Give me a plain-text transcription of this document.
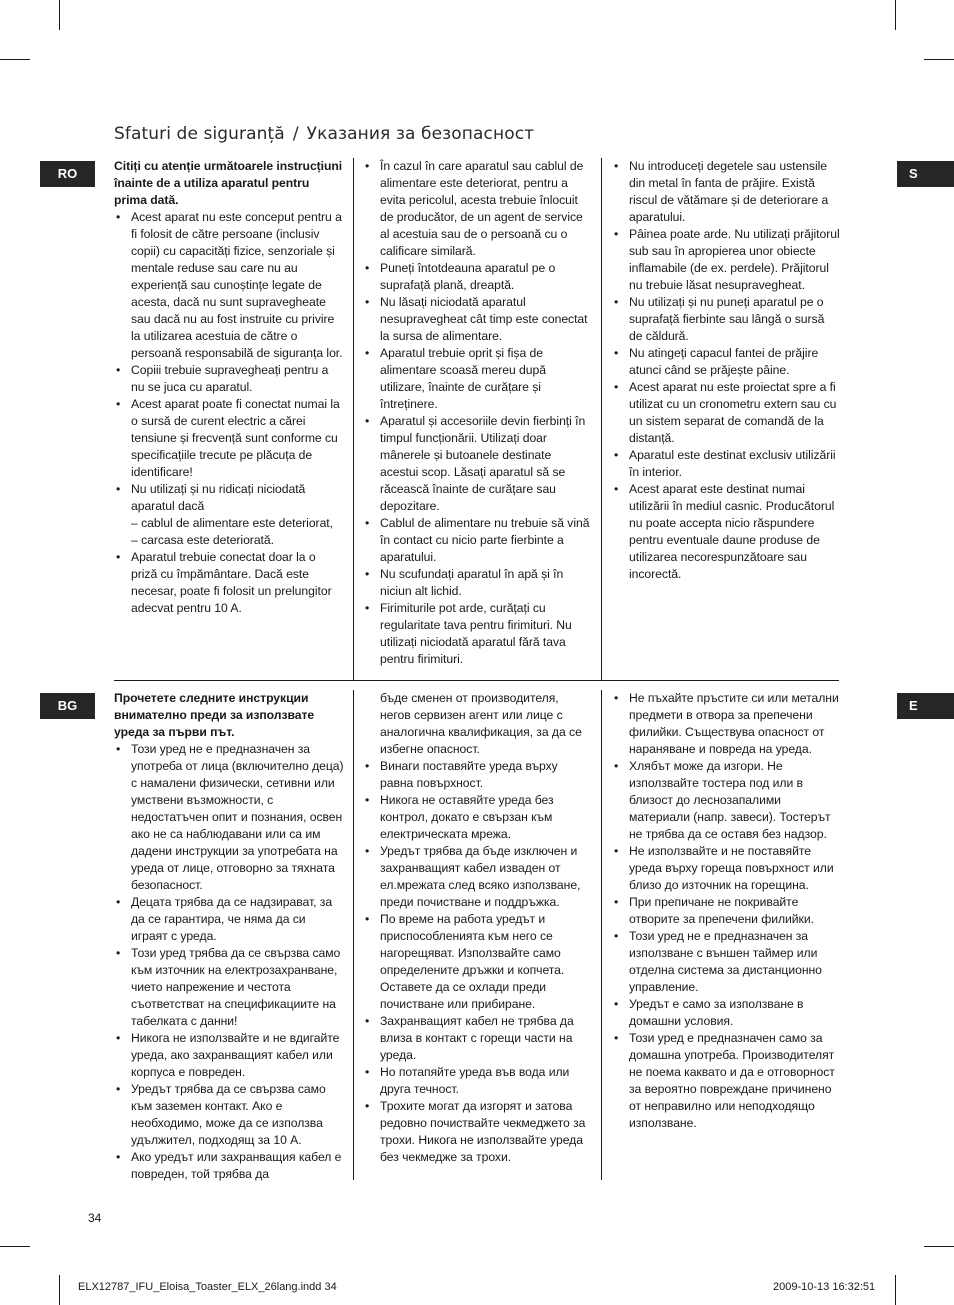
Sfaturi de siguranță / Указания за безопасност
RO	S
BG	E

Citiți cu atenție următoarele instrucțiuni înainte de a utiliza aparatul pentru prima dată.

• Acest aparat nu este conceput pentru a fi folosit de către persoane (inclusiv copii) cu capacități fizice, senzoriale și mentale reduse sau care nu au experiență sau cunoștințe legate de acesta, dacă nu sunt supravegheate sau dacă nu au fost instruite cu privire la utilizarea acestuia de către o persoană responsabilă de siguranța lor.
• Copiii trebuie supravegheați pentru a nu se juca cu aparatul.
• Acest aparat poate fi conectat numai la o sursă de curent electric a cărei tensiune și frecvență sunt conforme cu specificațiile trecute pe plăcuța de identificare!
• Nu utilizați și nu ridicați niciodată aparatul dacă

– cablul de alimentare este deteriorat,

– carcasa este deteriorată.

• Aparatul trebuie conectat doar la o priză cu împământare. Dacă este necesar, poate fi folosit un prelungitor adecvat pentru 10 A.
• În cazul în care aparatul sau cablul de alimentare este deteriorat, pentru a evita pericolul, acesta trebuie înlocuit de producător, de un agent de service al acestuia sau de o persoană cu o calificare similară.
• Puneți întotdeauna aparatul pe o suprafață plană, dreaptă.
• Nu lăsați niciodată aparatul nesupravegheat cât timp este conectat la sursa de alimentare.
• Aparatul trebuie oprit și fișa de alimentare scoasă mereu după utilizare, înainte de curățare și întreținere.
• Aparatul și accesoriile devin fierbinți în timpul funcționării. Utilizați doar mânerele și butoanele destinate acestui scop. Lăsați aparatul să se răcească înainte de curățare sau depozitare.
• Cablul de alimentare nu trebuie să vină în contact cu nicio parte fierbinte a aparatului.
• Nu scufundați aparatul în apă și în niciun alt lichid.
• Firimiturile pot arde, curățați cu regularitate tava pentru firimituri. Nu utilizați niciodată aparatul fără tava pentru firimituri.
• Nu introduceți degetele sau ustensile din metal în fanta de prăjire. Există riscul de vătămare și de deteriorare a aparatului.
• Pâinea poate arde. Nu utilizați prăjitorul sub sau în apropierea unor obiecte inflamabile (de ex. perdele). Prăjitorul nu trebuie lăsat nesupravegheat.
• Nu utilizați și nu puneți aparatul pe o suprafață fierbinte sau lângă o sursă de căldură.
• Nu atingeți capacul fantei de prăjire atunci când se prăjește pâine.
• Acest aparat nu este proiectat spre a fi utilizat cu un cronometru extern sau cu un sistem separat de comandă de la distanță.
• Aparatul este destinat exclusiv utilizării în interior.
• Acest aparat este destinat numai utilizării în mediul casnic. Producătorul nu poate accepta nicio răspundere pentru eventuale daune produse de utilizarea necorespunzătoare sau incorectă.

Прочетете следните инструкции внимателно преди за използвате уреда за първи път.

• Този уред не е предназначен за употреба от лица (включително деца) с намалени физически, сетивни или умствени възможности, с недостатъчен опит и познания, освен ако не са наблюдавани или са им дадени инструкции за употребата на уреда от лице, отговорно за тяхната безопасност.
• Децата трябва да се надзирават, за да се гарантира, че няма да си играят с уреда.
• Този уред трябва да се свързва само към източник на електрозахранване, чието напрежение и честота съответстват на спецификациите на табелката с данни!
• Никога не използвайте и не вдигайте уреда, ако захранващият кабел или корпуса е повреден.
• Уредът трябва да се свързва само към заземен контакт. Ако е необходимо, може да се използва удължител, подходящ за 10 А.
• Ако уредът или захранващия кабел е повреден, той трябва да

бъде сменен от производителя, негов сервизен агент или лице с аналогична квалификация, за да се избегне опасност.

• Винаги поставяйте уреда върху равна повърхност.
• Никога не оставяйте уреда без контрол, докато е свързан към електрическата мрежа.
• Уредът трябва да бъде изключен и захранващият кабел изваден от ел.мрежата след всяко използване, преди почистване и поддръжка.
• По време на работа уредът и приспособленията към него се нагорещяват. Използвайте само определените дръжки и копчета. Оставете да се охлади преди почистване или прибиране.
• Захранващият кабел не трябва да влиза в контакт с горещи части на уреда.
• Но потапяйте уреда във вода или друга течност.
• Трохите могат да изгорят и затова редовно почиствайте чекмеджето за трохи. Никога не използвайте уреда без чекмедже за трохи.
• Не пъхайте пръстите си или метални предмети в отвора за препечени филийки. Съществува опасност от нараняване и повреда на уреда.
• Хлябът може да изгори. Не използвайте тостера под или в близост до леснозапалими материали (напр. завеси). Тостерът не трябва да се оставя без надзор.
• Не използвайте и не поставяйте уреда върху гореща повърхност или близо до източник на горещина.
• При препичане не покривайте отворите за препечени филийки.
• Този уред не е предназначен за използване с външен таймер или отделна система за дистанционно управление.
• Уредът е само за използване в домашни условия.
• Този уред е предназначен само за домашна употреба. Производителят не поема каквато и да е отговорност за вероятно повреждане причинено от неправилно или неподходящо използване.
34
ELX12787_IFU_Eloisa_Toaster_ELX_26lang.indd 34	2009-10-13 16:32:51
